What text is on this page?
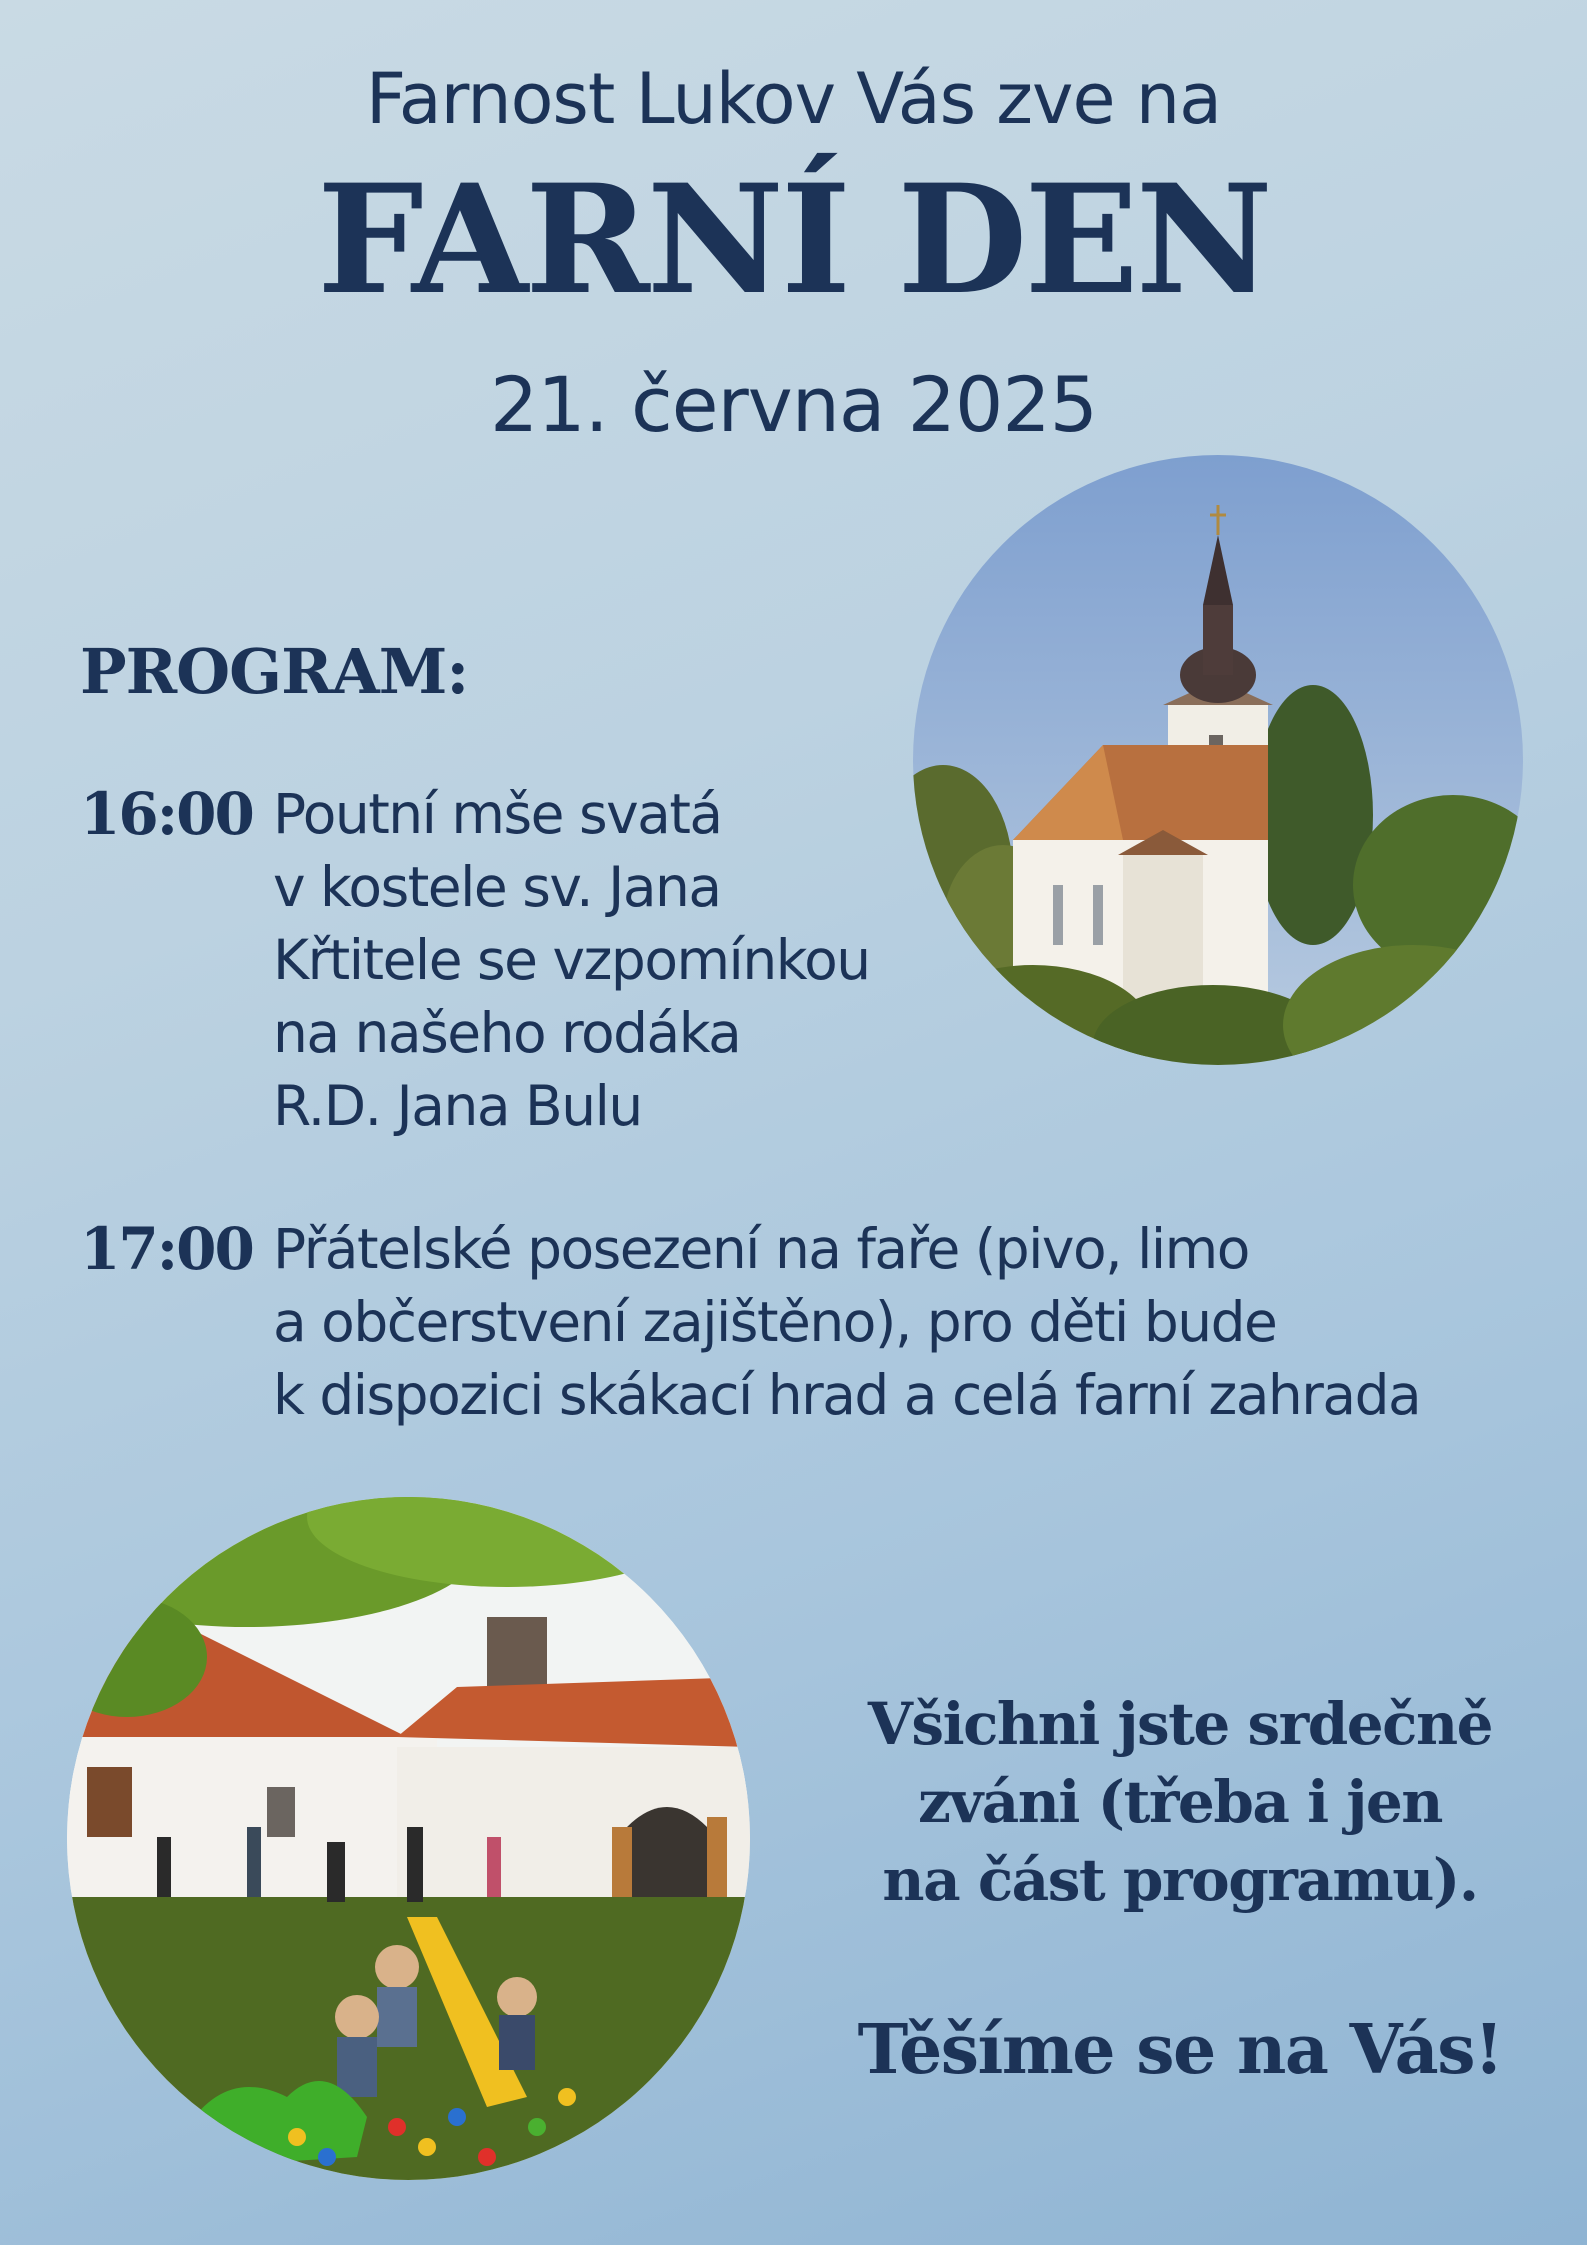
Farnost Lukov Vás zve na
FARNÍ DEN
21. června 2025
PROGRAM:
16:00 Poutní mše svatá
v kostele sv. Jana
Křtitele se vzpomínkou
na našeho rodáka
R.D. Jana Bulu
17:00 Přátelské posezení na faře (pivo, limo
a občerstvení zajištěno), pro děti bude
k dispozici skákací hrad a celá farní zahrada
Všichni jste srdečně
zváni (třeba i jen
na část programu).
Těšíme se na Vás!
